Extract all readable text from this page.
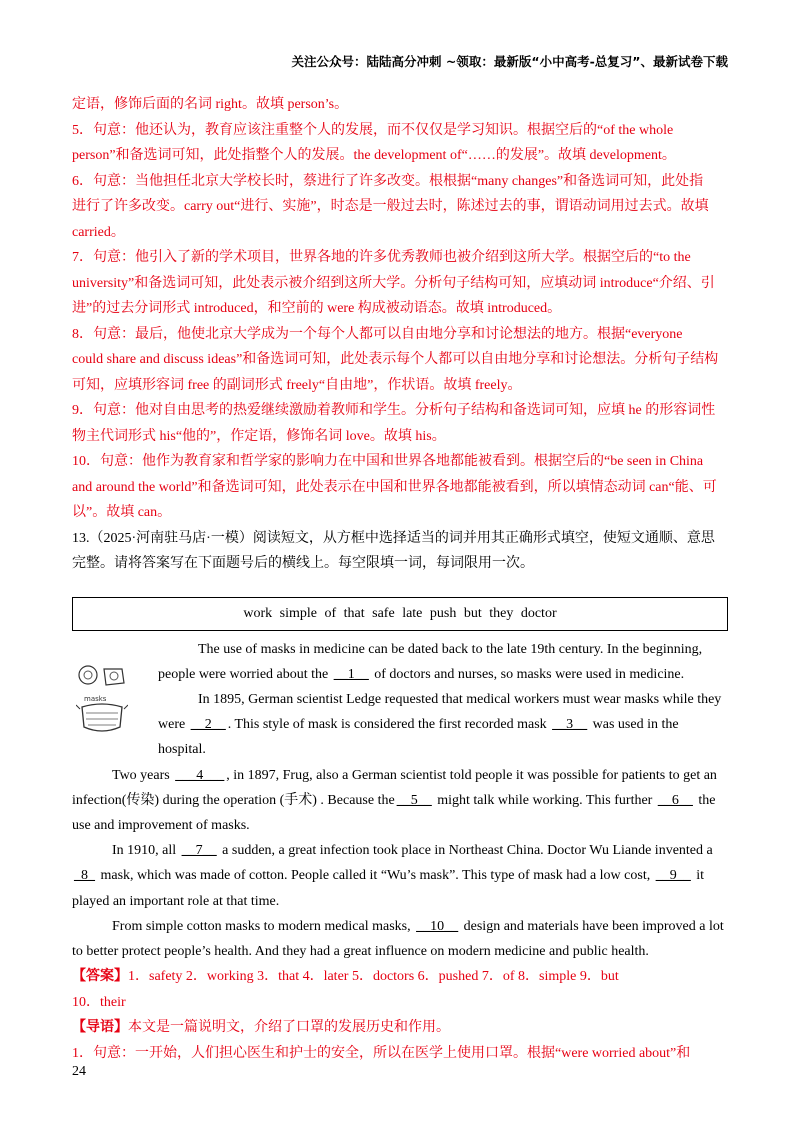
关注公众号：陆陆高分冲刺 ~领取：最新版“小中高考-总复习”、最新试卷下载

定语，修饰后面的名词 right。故填 person’s。

5．句意：他还认为，教育应该注重整个人的发展，而不仅仅是学习知识。根据空后的“of the whole

person”和备选词可知，此处指整个人的发展。the development of“……的发展”。故填 development。

6．句意：当他担任北京大学校长时，蔡进行了许多改变。根根据“many changes”和备选词可知，此处指

进行了许多改变。carry out“进行、实施”，时态是一般过去时，陈述过去的事，谓语动词用过去式。故填

carried。

7．句意：他引入了新的学术项目，世界各地的许多优秀教师也被介绍到这所大学。根据空后的“to the

university”和备选词可知，此处表示被介绍到这所大学。分析句子结构可知，应填动词 introduce“介绍、引

进”的过去分词形式 introduced，和空前的 were 构成被动语态。故填 introduced。

8．句意：最后，他使北京大学成为一个每个人都可以自由地分享和讨论想法的地方。根据“everyone

could share and discuss ideas”和备选词可知，此处表示每个人都可以自由地分享和讨论想法。分析句子结构

可知，应填形容词 free 的副词形式 freely“自由地”，作状语。故填 freely。

9．句意：他对自由思考的热爱继续激励着教师和学生。分析句子结构和备选词可知，应填 he 的形容词性

物主代词形式 his“他的”，作定语，修饰名词 love。故填 his。

10．句意：他作为教育家和哲学家的影响力在中国和世界各地都能被看到。根据空后的“be seen in China

and around the world”和备选词可知，此处表示在中国和世界各地都能被看到，所以填情态动词 can“能、可

以”。故填 can。

13.（2025·河南驻马店·一模）阅读短文，从方框中选择适当的词并用其正确形式填空，使短文通顺、意思

完整。请将答案写在下面题号后的横线上。每空限填一词，每词限用一次。

work simple of that safe late push but they doctor
masks
The use of masks in medicine can be dated back to the late 19th century. In the beginning,
people were worried about the __1__ of doctors and nurses, so masks were used in medicine.
In 1895, German scientist Ledge requested that medical workers must wear masks while they
were __2__ . This style of mask is considered the first recorded mask __3__ was used in the hospital.
Two years ___4___ , in 1897, Frug, also a German scientist told people it was possible for patients to get an
infection(传染) during the operation (手术) . Because the __5__ might talk while working. This further __6__ the
use and improvement of masks.
In 1910, all __7__ a sudden, a great infection took place in Northeast China. Doctor Wu Liande invented a
_8_ mask, which was made of cotton. People called it “Wu’s mask”. This type of mask had a low cost, __9__ it
played an important role at that time.
From simple cotton masks to modern medical masks, __10__ design and materials have been improved a lot
to better protect people’s health. And they had a great influence on modern medicine and public health.

【答案】1．safety 2．working 3．that 4．later 5．doctors 6．pushed 7．of 8．simple 9．but

10．their

【导语】本文是一篇说明文，介绍了口罩的发展历史和作用。

1．句意：一开始，人们担心医生和护士的安全，所以在医学上使用口罩。根据“were worried about”和

24
